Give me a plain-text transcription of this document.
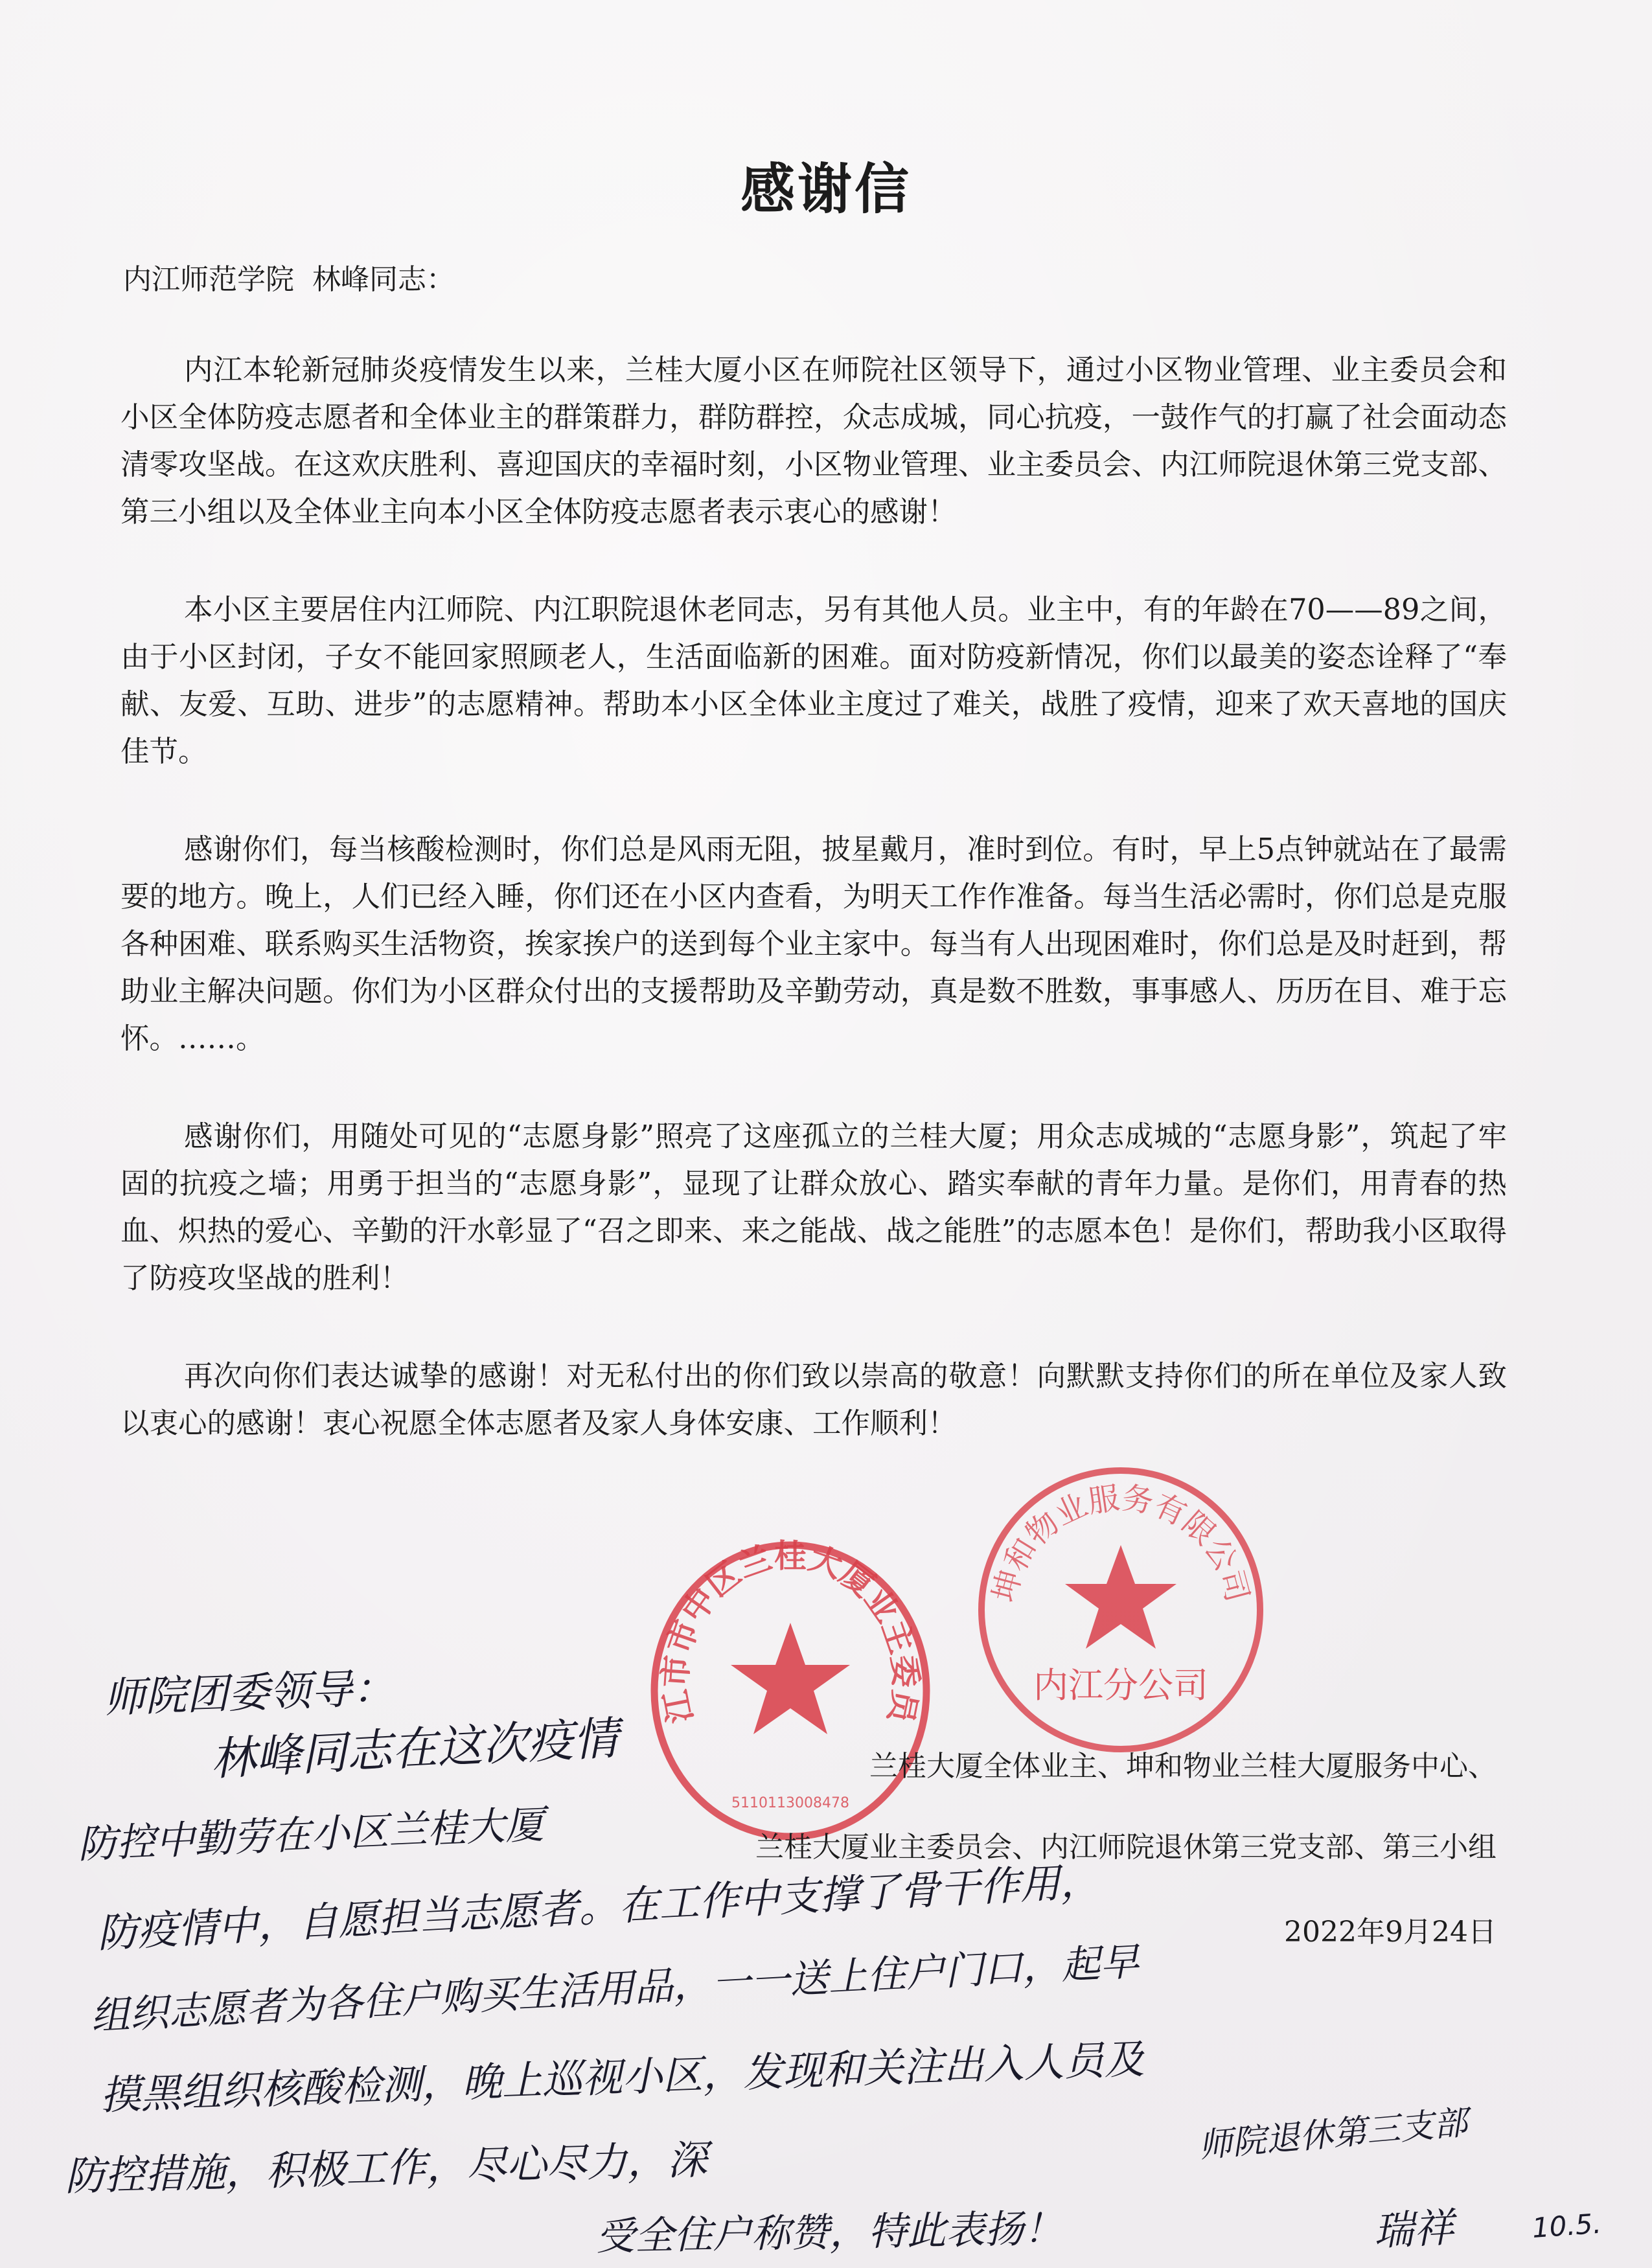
感谢信
内江师范学院 林峰同志：

内江本轮新冠肺炎疫情发生以来，兰桂大厦小区在师院社区领导下，通过小区物业管理、业主委员会和小区全体防疫志愿者和全体业主的群策群力，群防群控，众志成城，同心抗疫，一鼓作气的打赢了社会面动态清零攻坚战。在这欢庆胜利、喜迎国庆的幸福时刻，小区物业管理、业主委员会、内江师院退休第三党支部、第三小组以及全体业主向本小区全体防疫志愿者表示衷心的感谢！

本小区主要居住内江师院、内江职院退休老同志，另有其他人员。业主中，有的年龄在70——89之间，由于小区封闭，子女不能回家照顾老人，生活面临新的困难。面对防疫新情况，你们以最美的姿态诠释了“奉献、友爱、互助、进步”的志愿精神。帮助本小区全体业主度过了难关，战胜了疫情，迎来了欢天喜地的国庆佳节。

感谢你们，每当核酸检测时，你们总是风雨无阻，披星戴月，准时到位。有时，早上5点钟就站在了最需要的地方。晚上，人们已经入睡，你们还在小区内查看，为明天工作作准备。每当生活必需时，你们总是克服各种困难、联系购买生活物资，挨家挨户的送到每个业主家中。每当有人出现困难时，你们总是及时赶到，帮助业主解决问题。你们为小区群众付出的支援帮助及辛勤劳动，真是数不胜数，事事感人、历历在目、难于忘怀。……。

感谢你们，用随处可见的“志愿身影”照亮了这座孤立的兰桂大厦；用众志成城的“志愿身影”，筑起了牢固的抗疫之墙；用勇于担当的“志愿身影”，显现了让群众放心、踏实奉献的青年力量。是你们，用青春的热血、炽热的爱心、辛勤的汗水彰显了“召之即来、来之能战、战之能胜”的志愿本色！是你们，帮助我小区取得了防疫攻坚战的胜利！

再次向你们表达诚挚的感谢！对无私付出的你们致以崇高的敬意！向默默支持你们的所在单位及家人致以衷心的感谢！衷心祝愿全体志愿者及家人身体安康、工作顺利！

内江市市中区兰桂大厦业主委员会
5110113008478
坤和物业服务有限公司
内江分公司
兰桂大厦全体业主、坤和物业兰桂大厦服务中心、
兰桂大厦业主委员会、内江师院退休第三党支部、第三小组
2022年9月24日
师院团委领导：
林峰同志在这次疫情
防控中勤劳在小区兰桂大厦
防疫情中，自愿担当志愿者。在工作中支撑了骨干作用，
组织志愿者为各住户购买生活用品，一一送上住户门口，起早
摸黑组织核酸检测，晚上巡视小区，发现和关注出入人员及
防控措施，积极工作，尽心尽力，深
受全住户称赞，特此表扬！
师院退休第三支部
瑞祥	10.5.
